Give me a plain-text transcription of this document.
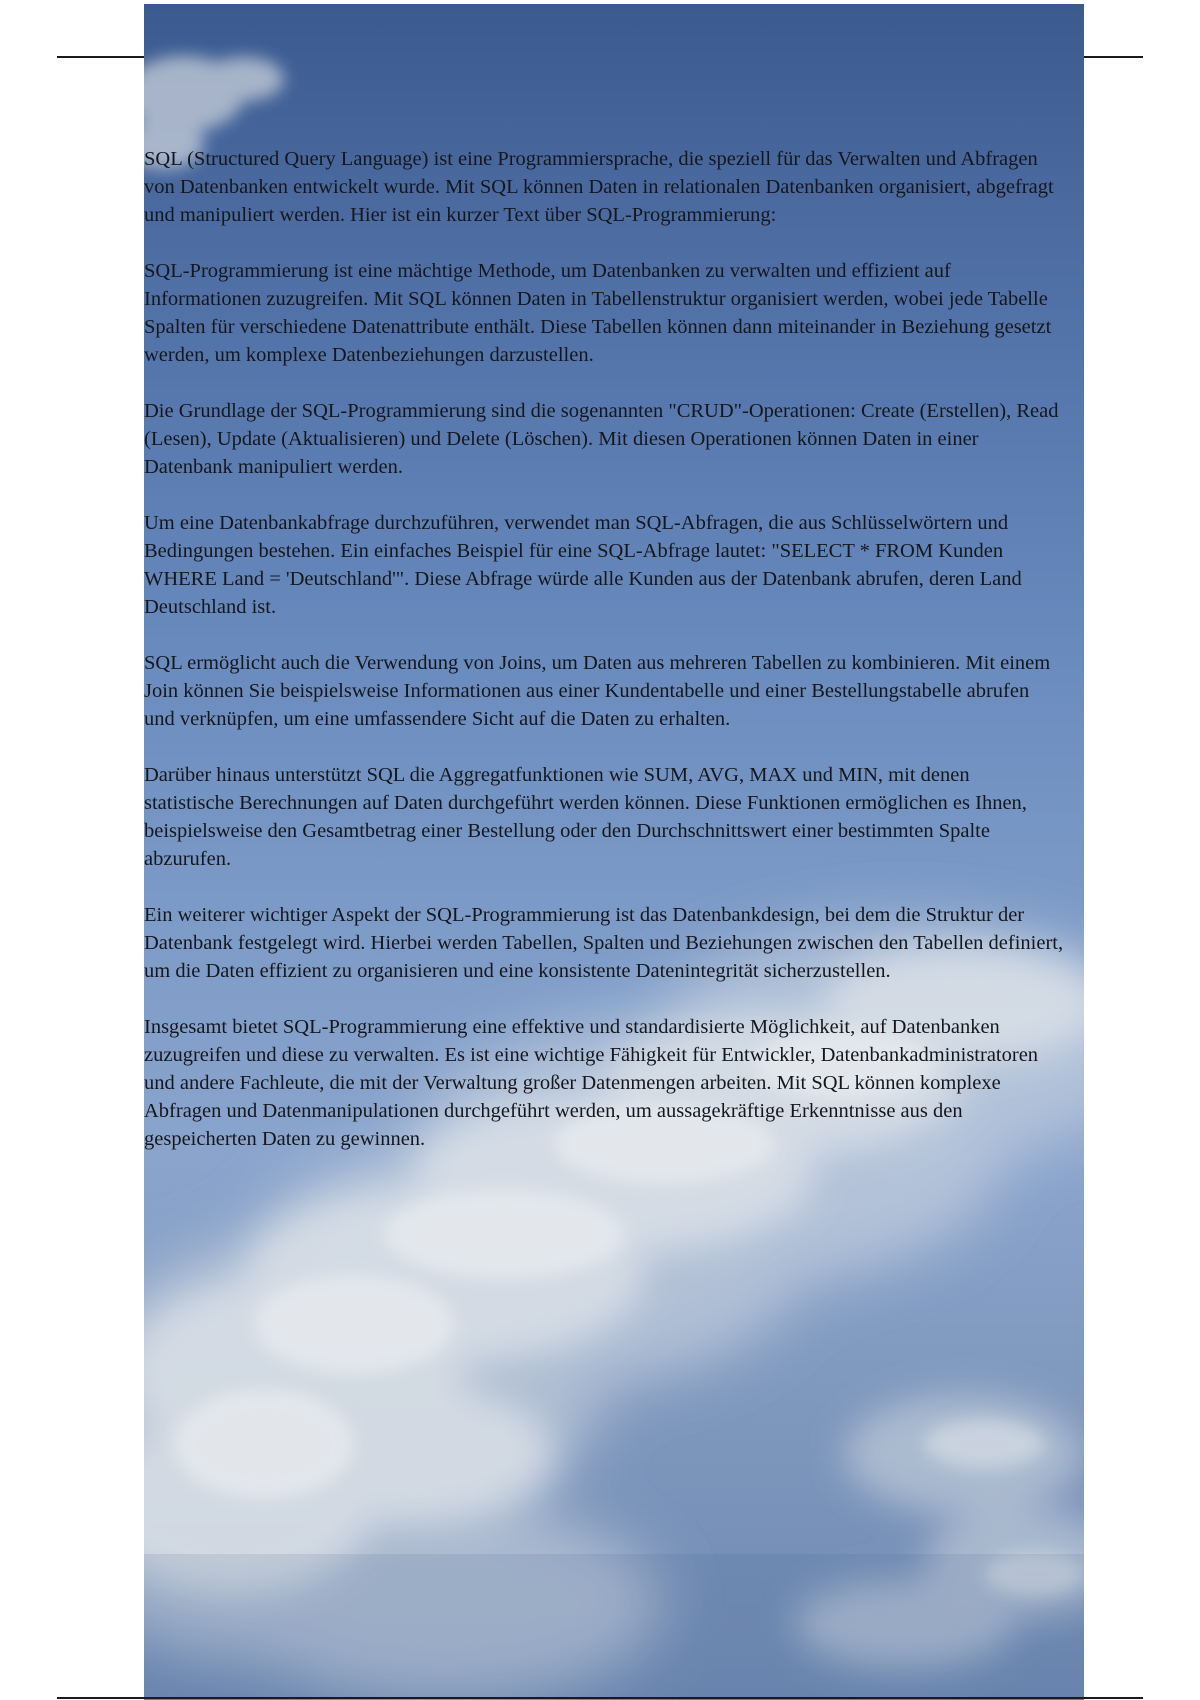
SQL (Structured Query Language) ist eine Programmiersprache, die speziell für das Verwalten und Abfragen von Datenbanken entwickelt wurde. Mit SQL können Daten in relationalen Datenbanken organisiert, abgefragt und manipuliert werden. Hier ist ein kurzer Text über SQL-Programmierung:

SQL-Programmierung ist eine mächtige Methode, um Datenbanken zu verwalten und effizient auf Informationen zuzugreifen. Mit SQL können Daten in Tabellenstruktur organisiert werden, wobei jede Tabelle Spalten für verschiedene Datenattribute enthält. Diese Tabellen können dann miteinander in Beziehung gesetzt werden, um komplexe Datenbeziehungen darzustellen.

Die Grundlage der SQL-Programmierung sind die sogenannten "CRUD"-Operationen: Create (Erstellen), Read (Lesen), Update (Aktualisieren) und Delete (Löschen). Mit diesen Operationen können Daten in einer Datenbank manipuliert werden.

Um eine Datenbankabfrage durchzuführen, verwendet man SQL-Abfragen, die aus Schlüsselwörtern und Bedingungen bestehen. Ein einfaches Beispiel für eine SQL-Abfrage lautet: "SELECT * FROM Kunden WHERE Land = 'Deutschland'". Diese Abfrage würde alle Kunden aus der Datenbank abrufen, deren Land Deutschland ist.

SQL ermöglicht auch die Verwendung von Joins, um Daten aus mehreren Tabellen zu kombinieren. Mit einem Join können Sie beispielsweise Informationen aus einer Kundentabelle und einer Bestellungstabelle abrufen und verknüpfen, um eine umfassendere Sicht auf die Daten zu erhalten.

Darüber hinaus unterstützt SQL die Aggregatfunktionen wie SUM, AVG, MAX und MIN, mit denen statistische Berechnungen auf Daten durchgeführt werden können. Diese Funktionen ermöglichen es Ihnen, beispielsweise den Gesamtbetrag einer Bestellung oder den Durchschnittswert einer bestimmten Spalte abzurufen.

Ein weiterer wichtiger Aspekt der SQL-Programmierung ist das Datenbankdesign, bei dem die Struktur der Datenbank festgelegt wird. Hierbei werden Tabellen, Spalten und Beziehungen zwischen den Tabellen definiert, um die Daten effizient zu organisieren und eine konsistente Datenintegrität sicherzustellen.

Insgesamt bietet SQL-Programmierung eine effektive und standardisierte Möglichkeit, auf Datenbanken zuzugreifen und diese zu verwalten. Es ist eine wichtige Fähigkeit für Entwickler, Datenbankadministratoren und andere Fachleute, die mit der Verwaltung großer Datenmengen arbeiten. Mit SQL können komplexe Abfragen und Datenmanipulationen durchgeführt werden, um aussagekräftige Erkenntnisse aus den gespeicherten Daten zu gewinnen.
